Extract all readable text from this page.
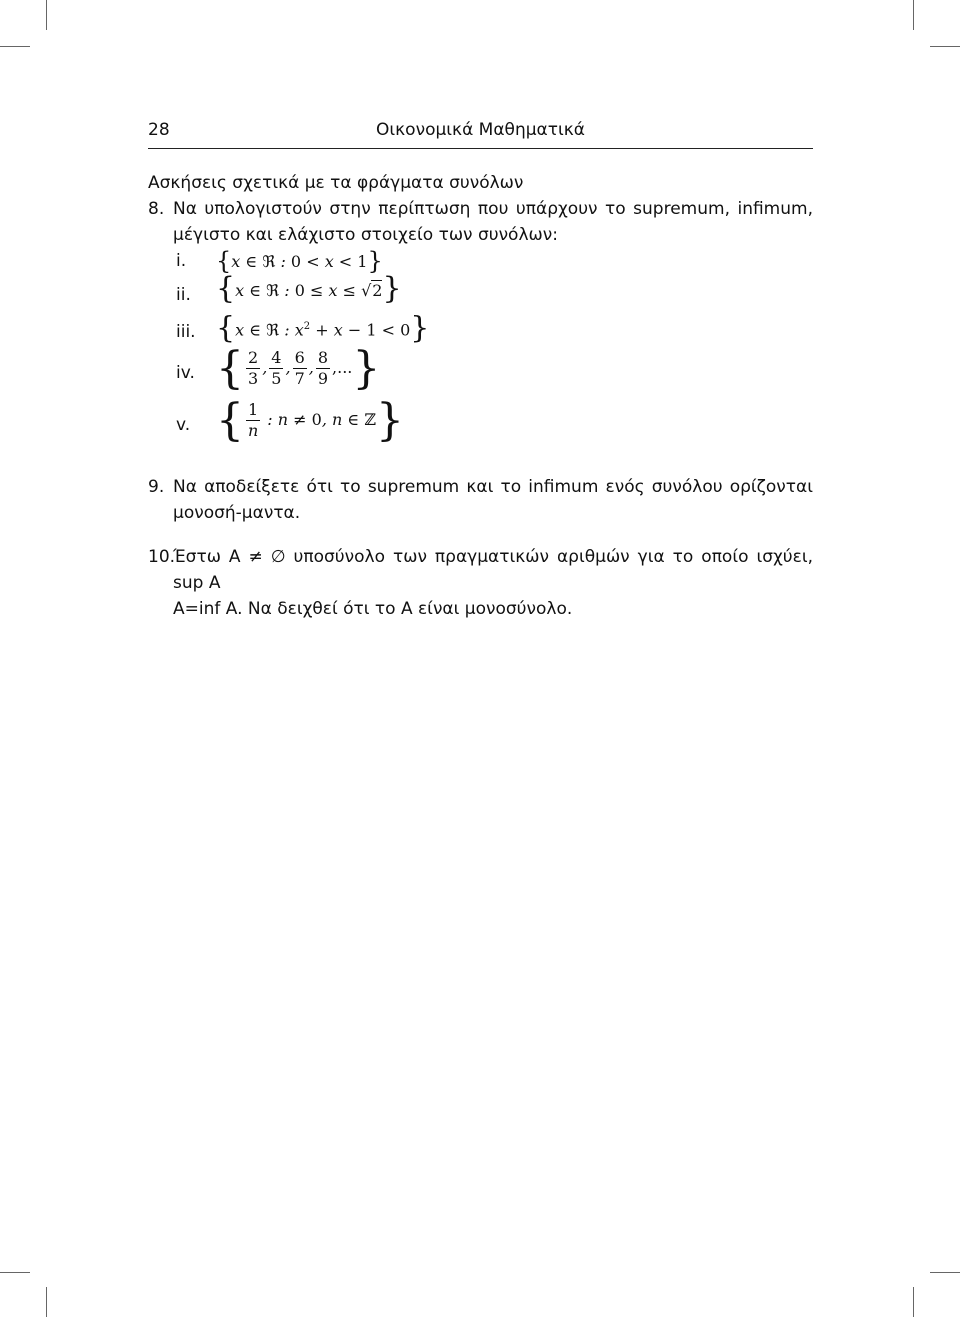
28	Οικονομικά Μαθηματικά
Ασκήσεις σχετικά με τα φράγματα συνόλων
8. Να υπολογιστούν στην περίπτωση που υπάρχουν το supremum, infimum, μέγιστο και ελάχιστο στοιχείο των συνόλων:
i. {x ∈ ℜ : 0 < x < 1}
ii. {x ∈ ℜ : 0 ≤ x ≤ √2}
iii. {x ∈ ℜ : $x^2 + x - 1 < 0$}
iv. { $\frac{2}{3}$ , $\frac{4}{5}$ , $\frac{6}{7}$ , $\frac{8}{9}$ ,...}
v. { $\frac{1}{n}$ : n ≠ 0, n ∈ ℤ}
9. Να αποδείξετε ότι το supremum και το infimum ενός συνόλου ορίζονται μονοσή-μαντα.
10.
Έστω A ≠ ∅ υποσύνολο των πραγματικών αριθμών για το οποίο ισχύει, sup A
A=inf A. Να δειχθεί ότι το A είναι μονοσύνολο.
